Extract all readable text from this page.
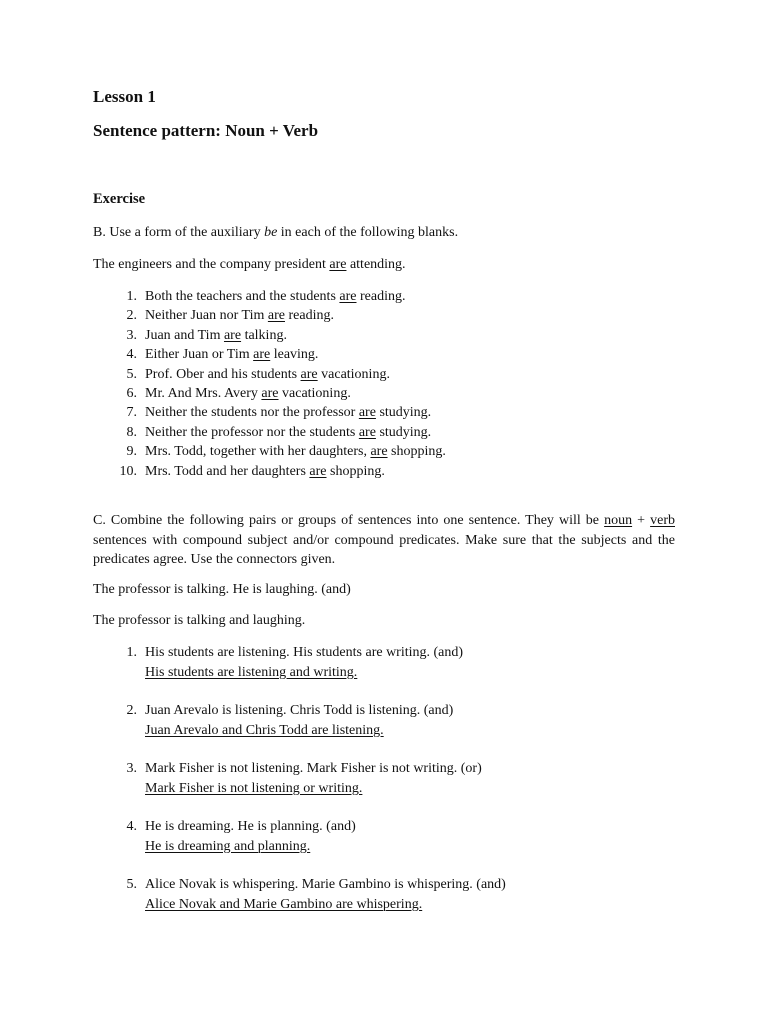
Lesson 1
Sentence pattern: Noun + Verb
Exercise

B. Use a form of the auxiliary be in each of the following blanks.

The engineers and the company president are attending.

1. Both the teachers and the students are reading.
2. Neither Juan nor Tim are reading.
3. Juan and Tim are talking.
4. Either Juan or Tim are leaving.
5. Prof. Ober and his students are vacationing.
6. Mr. And Mrs. Avery are vacationing.
7. Neither the students nor the professor are studying.
8. Neither the professor nor the students are studying.
9. Mrs. Todd, together with her daughters, are shopping.
10. Mrs. Todd and her daughters are shopping.

C. Combine the following pairs or groups of sentences into one sentence. They will be noun + verb sentences with compound subject and/or compound predicates. Make sure that the subjects and the predicates agree. Use the connectors given.

The professor is talking. He is laughing. (and)

The professor is talking and laughing.

1. His students are listening. His students are writing. (and)
His students are listening and writing.
2. Juan Arevalo is listening. Chris Todd is listening. (and)
Juan Arevalo and Chris Todd are listening.
3. Mark Fisher is not listening. Mark Fisher is not writing. (or)
Mark Fisher is not listening or writing.
4. He is dreaming. He is planning. (and)
He is dreaming and planning.
5. Alice Novak is whispering. Marie Gambino is whispering. (and)
Alice Novak and Marie Gambino are whispering.
